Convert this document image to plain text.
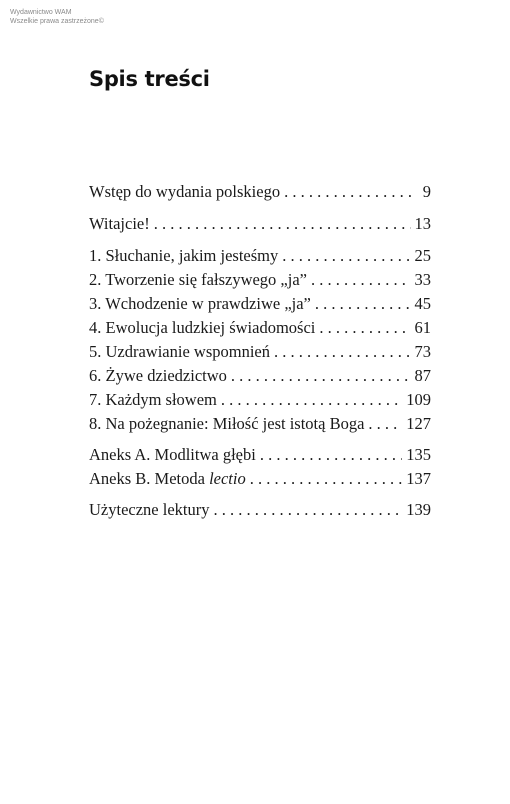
Wydawnictwo WAM
Wszelkie prawa zastrzeżone©
Spis treści
Wstęp do wydania polskiego . . .	9
Witajcie! . . .	13
1. Słuchanie, jakim jesteśmy . . .	25
2. Tworzenie się fałszywego „ja” . . .	33
3. Wchodzenie w prawdziwe „ja” . . .	45
4. Ewolucja ludzkiej świadomości . . .	61
5. Uzdrawianie wspomnień . . .	73
6. Żywe dziedzictwo . . .	87
7. Każdym słowem . . .	109
8. Na pożegnanie: Miłość jest istotą Boga . . .	127
Aneks A. Modlitwa głębi . . .	135
Aneks B. Metoda lectio . . .	137
Użyteczne lektury . . .	139
